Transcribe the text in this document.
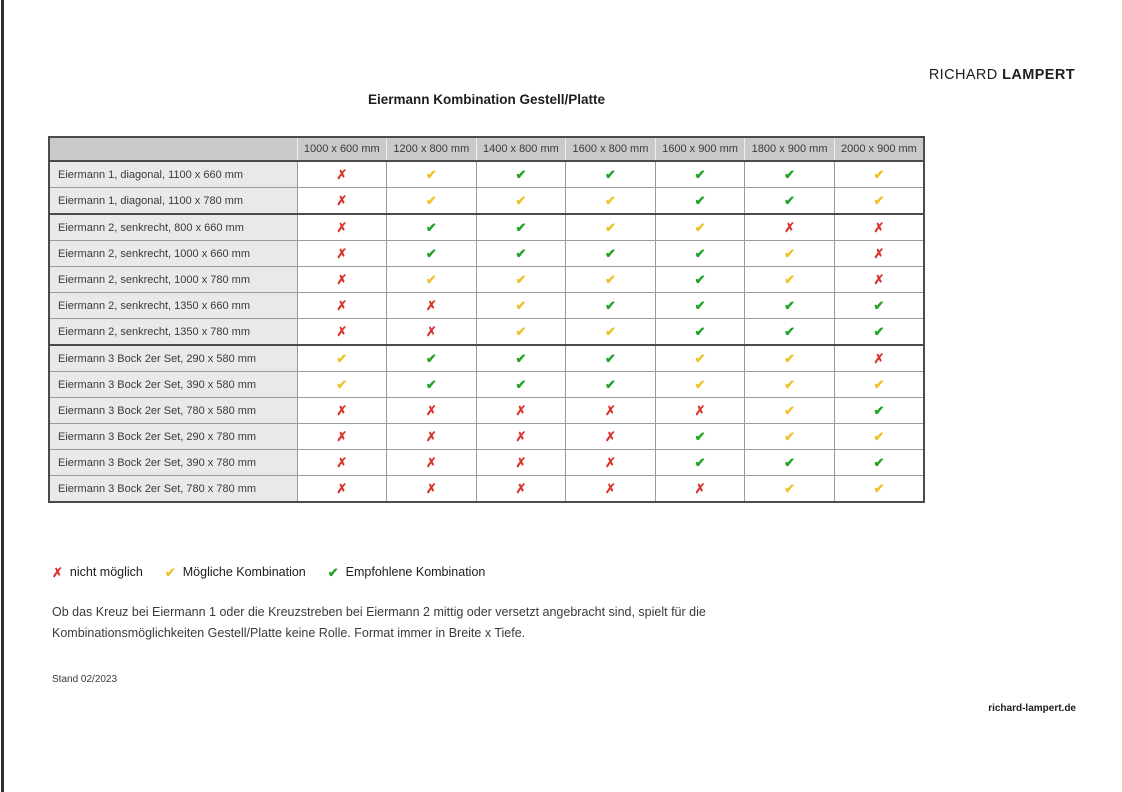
RICHARD LAMPERT
Eiermann Kombination Gestell/Platte
	1000 x 600 mm	1200 x 800 mm	1400 x 800 mm	1600 x 800 mm	1600 x 900 mm	1800 x 900 mm	2000 x 900 mm
Eiermann 1, diagonal, 1100 x 660 mm	✗	✔	✔	✔	✔	✔	✔
Eiermann 1, diagonal, 1100 x 780 mm	✗	✔	✔	✔	✔	✔	✔
Eiermann 2, senkrecht, 800 x 660 mm	✗	✔	✔	✔	✔	✗	✗
Eiermann 2, senkrecht, 1000 x 660 mm	✗	✔	✔	✔	✔	✔	✗
Eiermann 2, senkrecht, 1000 x 780 mm	✗	✔	✔	✔	✔	✔	✗
Eiermann 2, senkrecht, 1350 x 660 mm	✗	✗	✔	✔	✔	✔	✔
Eiermann 2, senkrecht, 1350 x 780 mm	✗	✗	✔	✔	✔	✔	✔
Eiermann 3 Bock 2er Set, 290 x 580 mm	✔	✔	✔	✔	✔	✔	✗
Eiermann 3 Bock 2er Set, 390 x 580 mm	✔	✔	✔	✔	✔	✔	✔
Eiermann 3 Bock 2er Set, 780 x 580 mm	✗	✗	✗	✗	✗	✔	✔
Eiermann 3 Bock 2er Set, 290 x 780 mm	✗	✗	✗	✗	✔	✔	✔
Eiermann 3 Bock 2er Set, 390 x 780 mm	✗	✗	✗	✗	✔	✔	✔
Eiermann 3 Bock 2er Set, 780 x 780 mm	✗	✗	✗	✗	✗	✔	✔
✗ nicht möglich ✔ Mögliche Kombination ✔ Empfohlene Kombination

Ob das Kreuz bei Eiermann 1 oder die Kreuzstreben bei Eiermann 2 mittig oder versetzt angebracht sind, spielt für die Kombinationsmöglichkeiten Gestell/Platte keine Rolle. Format immer in Breite x Tiefe.

Stand 02/2023
richard-lampert.de
